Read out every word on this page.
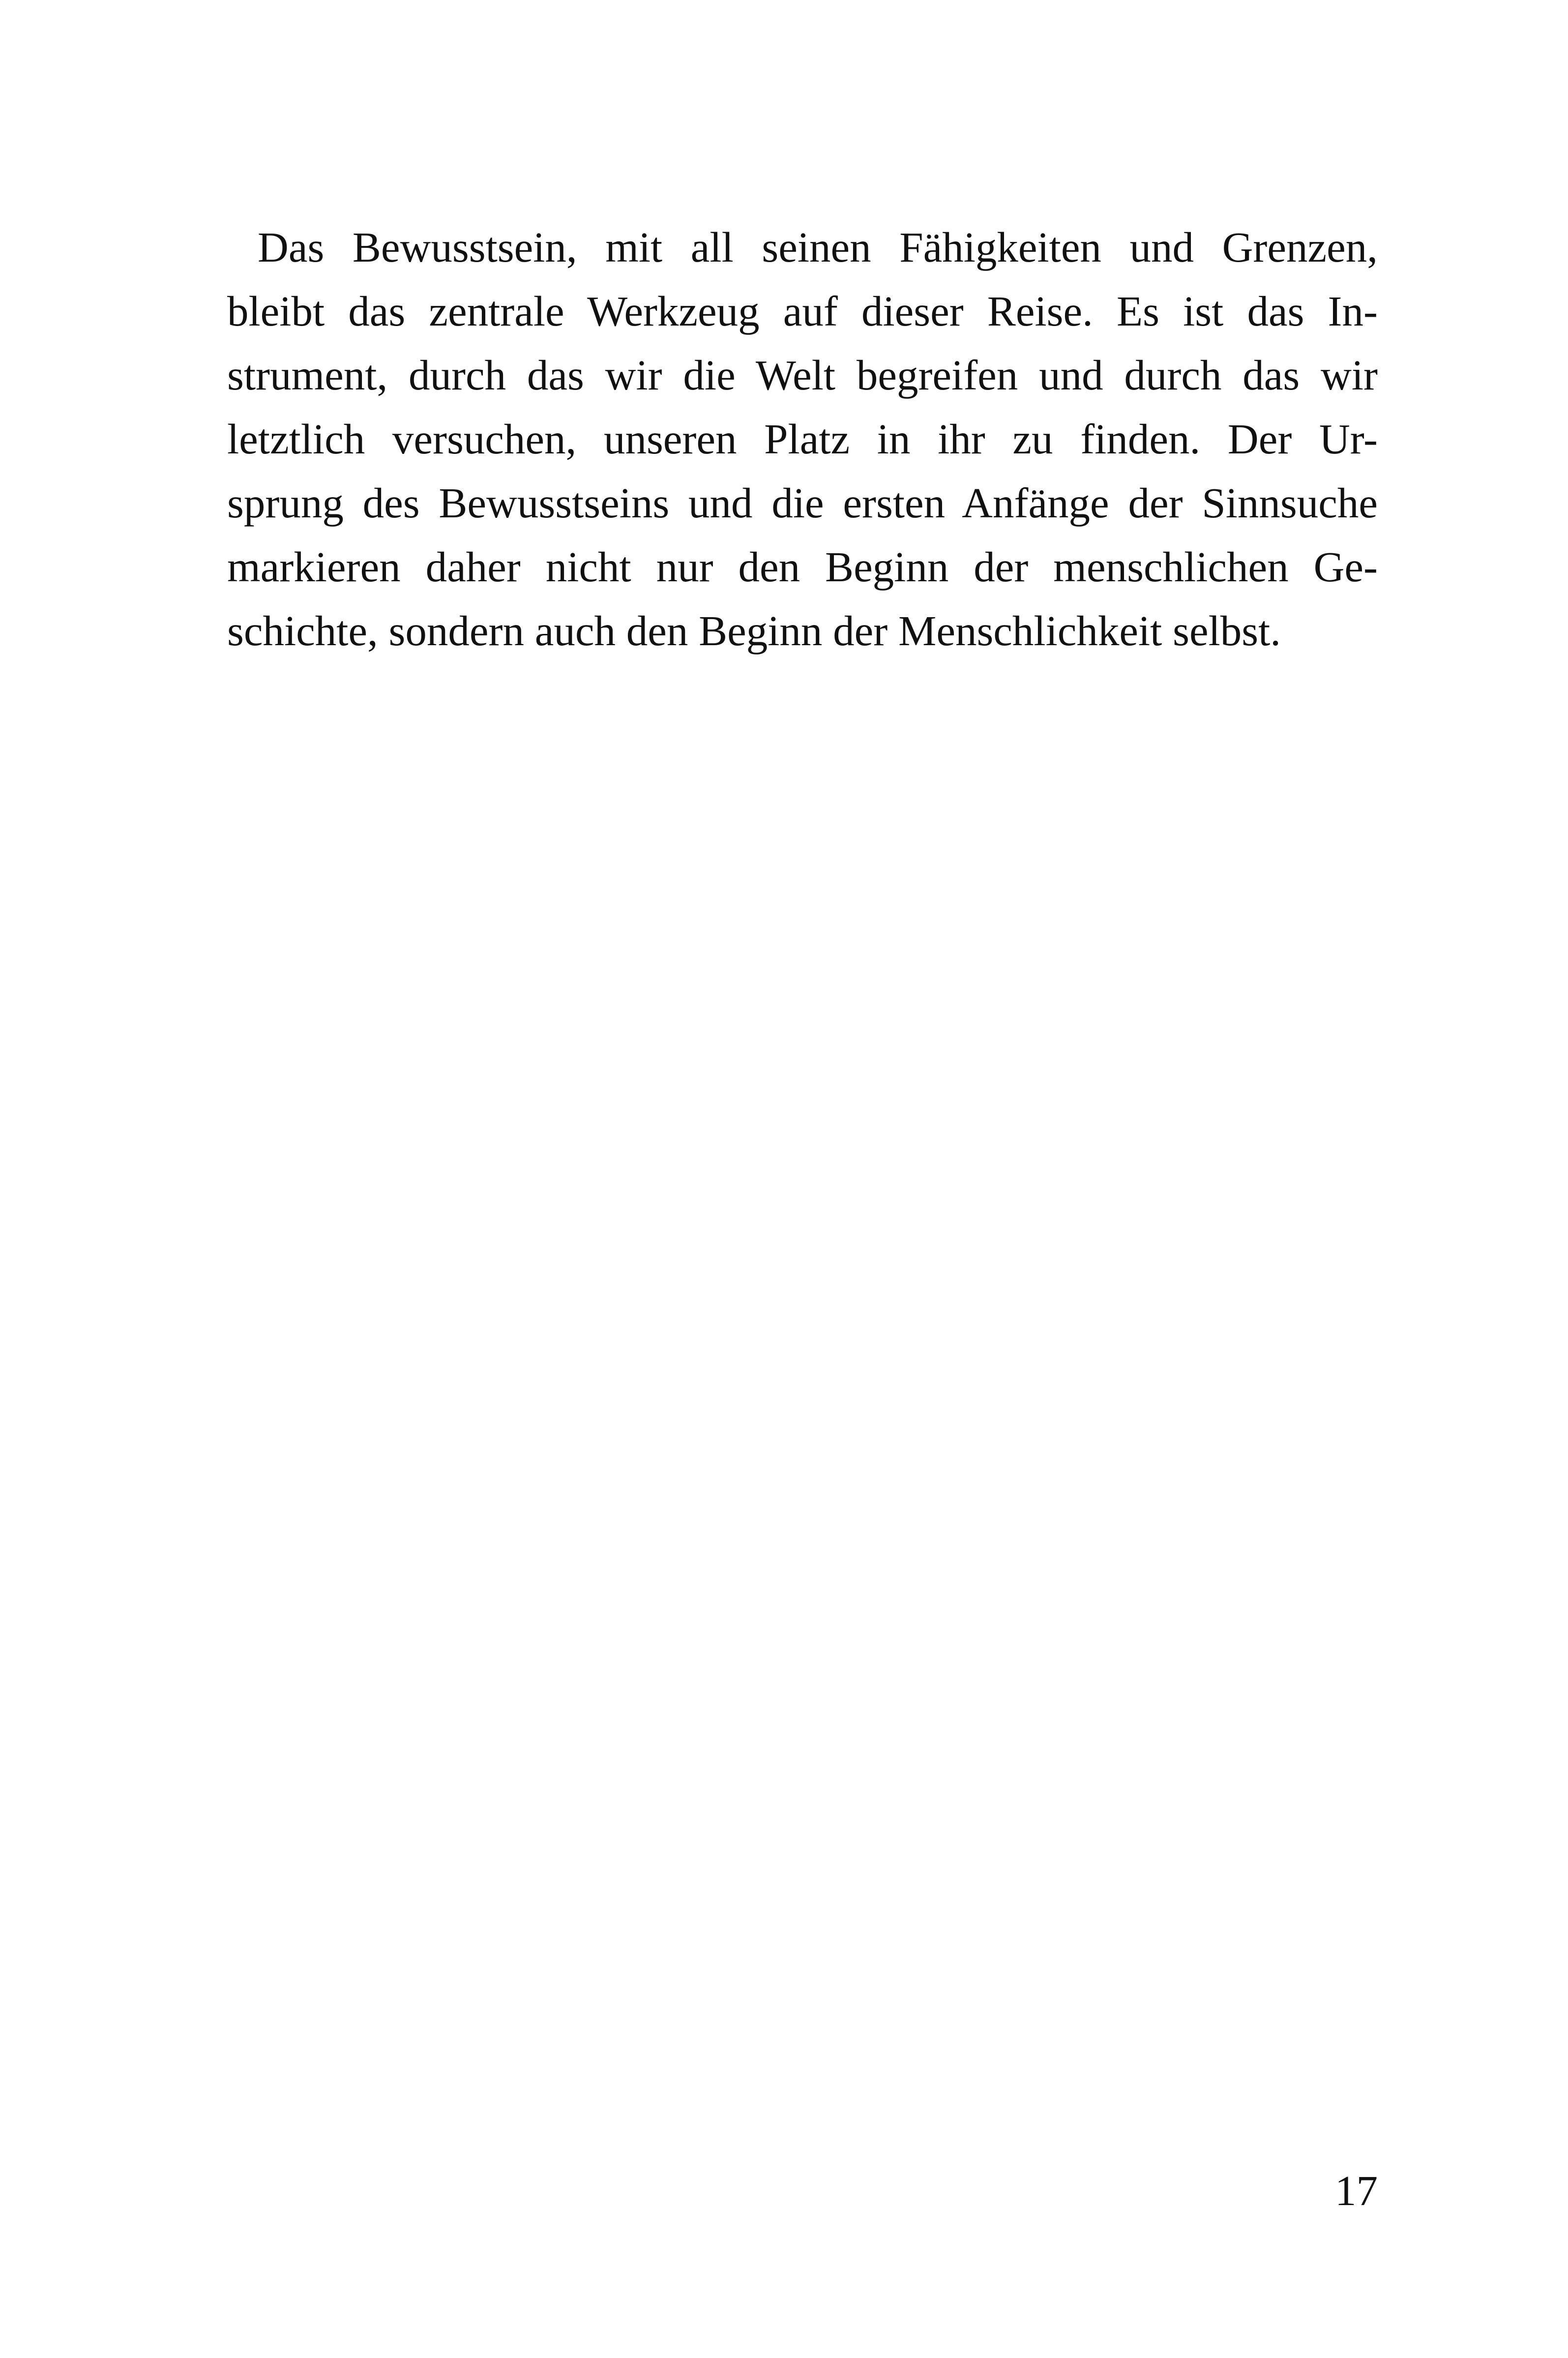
Das Bewusstsein, mit all seinen Fähigkeiten und Grenzen,
bleibt das zentrale Werkzeug auf dieser Reise. Es ist das In-
strument, durch das wir die Welt begreifen und durch das wir
letztlich versuchen, unseren Platz in ihr zu finden. Der Ur-
sprung des Bewusstseins und die ersten Anfänge der Sinnsuche
markieren daher nicht nur den Beginn der menschlichen Ge-
schichte, sondern auch den Beginn der Menschlichkeit selbst.
17
